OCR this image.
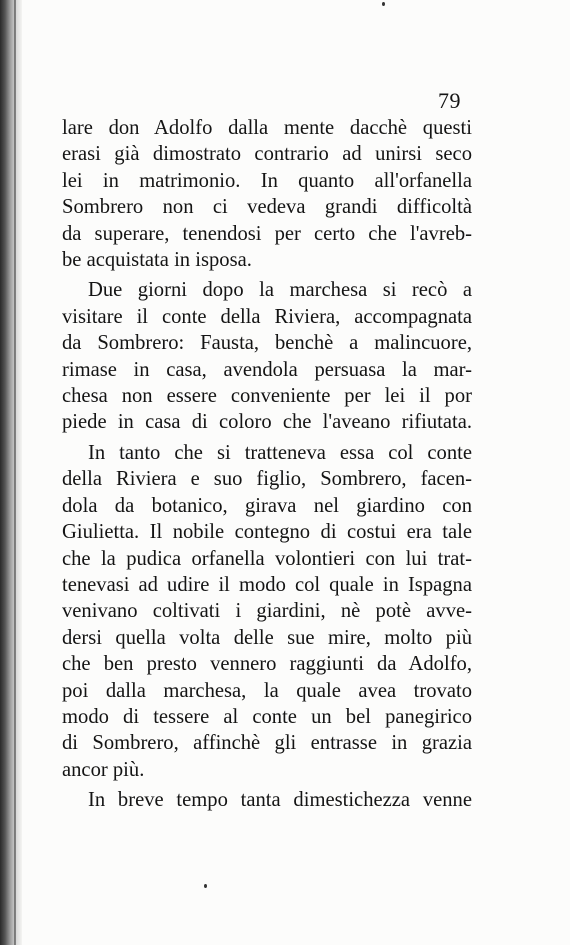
79
lare don Adolfo dalla mente dacchè questi
erasi già dimostrato contrario ad unirsi seco
lei in matrimonio. In quanto all'orfanella
Sombrero non ci vedeva grandi difficoltà
da superare, tenendosi per certo che l'avreb-
be acquistata in isposa.
Due giorni dopo la marchesa si recò a
visitare il conte della Riviera, accompagnata
da Sombrero: Fausta, benchè a malincuore,
rimase in casa, avendola persuasa la mar-
chesa non essere conveniente per lei il por
piede in casa di coloro che l'aveano rifiutata.
In tanto che si tratteneva essa col conte
della Riviera e suo figlio, Sombrero, facen-
dola da botanico, girava nel giardino con
Giulietta. Il nobile contegno di costui era tale
che la pudica orfanella volontieri con lui trat-
tenevasi ad udire il modo col quale in Ispagna
venivano coltivati i giardini, nè potè avve-
dersi quella volta delle sue mire, molto più
che ben presto vennero raggiunti da Adolfo,
poi dalla marchesa, la quale avea trovato
modo di tessere al conte un bel panegirico
di Sombrero, affinchè gli entrasse in grazia
ancor più.
In breve tempo tanta dimestichezza venne
